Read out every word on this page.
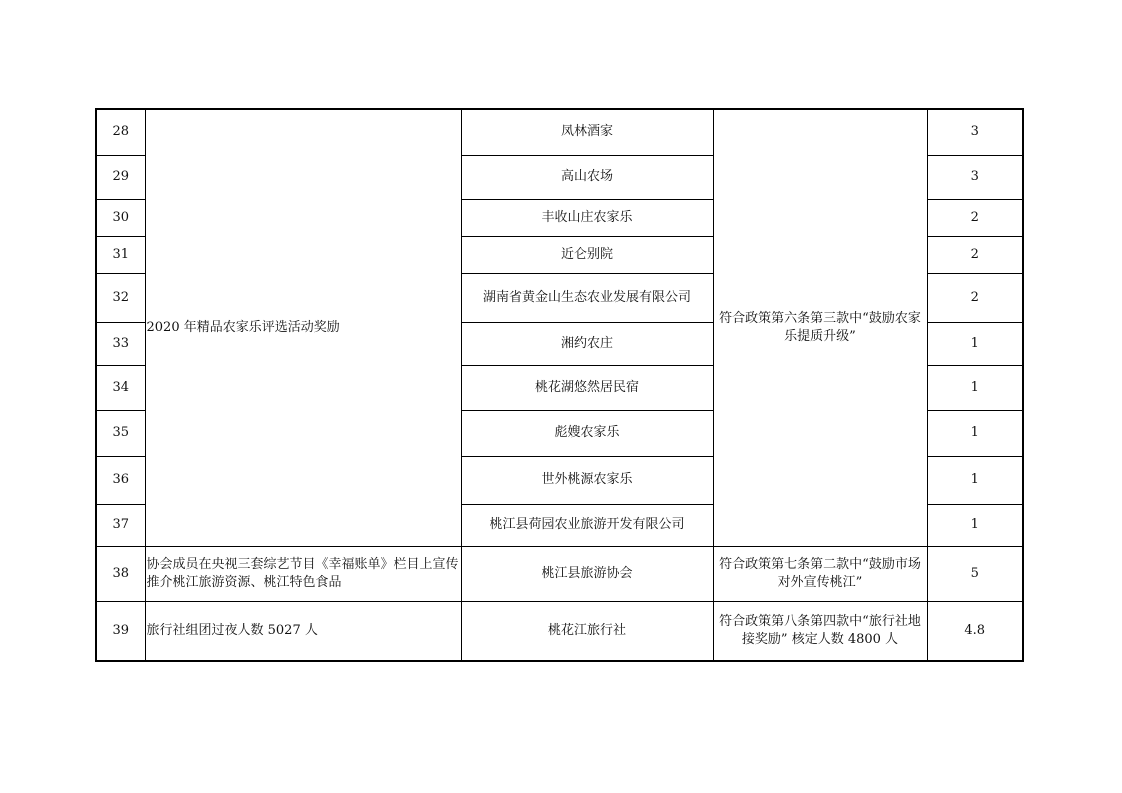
28	2020 年精品农家乐评选活动奖励	凤林酒家	符合政策第六条第三款中“鼓励农家乐提质升级”	3
29		高山农场		3
30		丰收山庄农家乐		2
31		近仑别院		2
32		湖南省黄金山生态农业发展有限公司		2
33		湘约农庄		1
34		桃花湖悠然居民宿		1
35		彪嫂农家乐		1
36		世外桃源农家乐		1
37		桃江县荷园农业旅游开发有限公司		1
38	协会成员在央视三套综艺节目《幸福账单》栏目上宣传推介桃江旅游资源、桃江特色食品	桃江县旅游协会	符合政策第七条第二款中“鼓励市场对外宣传桃江”	5
39	旅行社组团过夜人数 5027 人	桃花江旅行社	符合政策第八条第四款中“旅行社地接奖励” 核定人数 4800 人	4.8
